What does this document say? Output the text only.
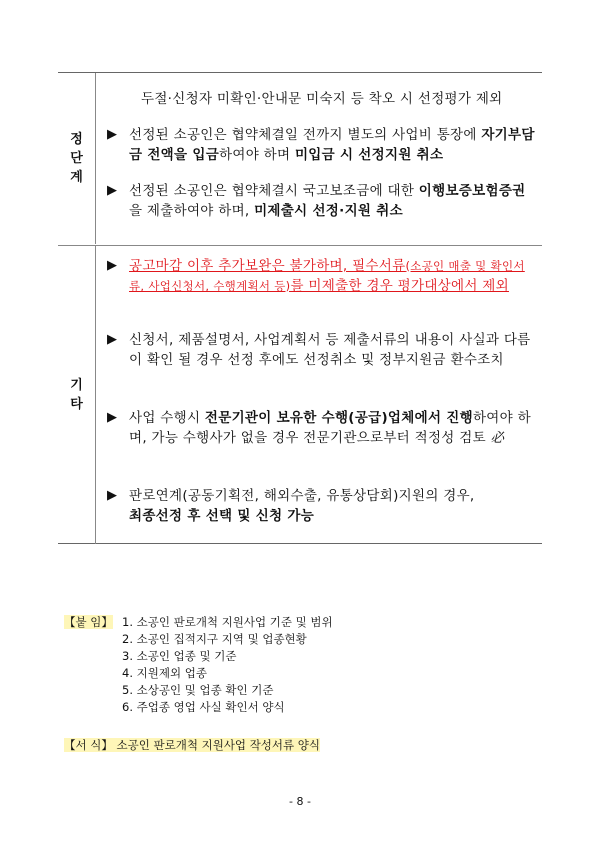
정단계
두절·신청자 미확인·안내문 미숙지 등 착오 시 선정평가 제외
▶ 선정된 소공인은 협약체결일 전까지 별도의 사업비 통장에 자기부담금 전액을 입금하여야 하며 미입금 시 선정지원 취소
▶ 선정된 소공인은 협약체결시 국고보조금에 대한 이행보증보험증권을 제출하여야 하며, 미제출시 선정·지원 취소
기타
▶ 공고마감 이후 추가보완은 불가하며, 필수서류(소공인 매출 및 확인서류, 사업신청서, 수행계획서 등)를 미제출한 경우 평가대상에서 제외
▶ 신청서, 제품설명서, 사업계획서 등 제출서류의 내용이 사실과 다름이 확인 될 경우 선정 후에도 선정취소 및 정부지원금 환수조치
▶ 사업 수행시 전문기관이 보유한 수행(공급)업체에서 진행하여야 하며, 가능 수행사가 없을 경우 전문기관으로부터 적정성 검토 必
▶ 판로연계(공동기획전, 해외수출, 유통상담회)지원의 경우,
최종선정 후 선택 및 신청 가능
【붙 임】 1. 소공인 판로개척 지원사업 기준 및 범위
2. 소공인 집적지구 지역 및 업종현황
3. 소공인 업종 및 기준
4. 지원제외 업종
5. 소상공인 및 업종 확인 기준
6. 주업종 영업 사실 확인서 양식
【서 식】 소공인 판로개척 지원사업 작성서류 양식
- 8 -
